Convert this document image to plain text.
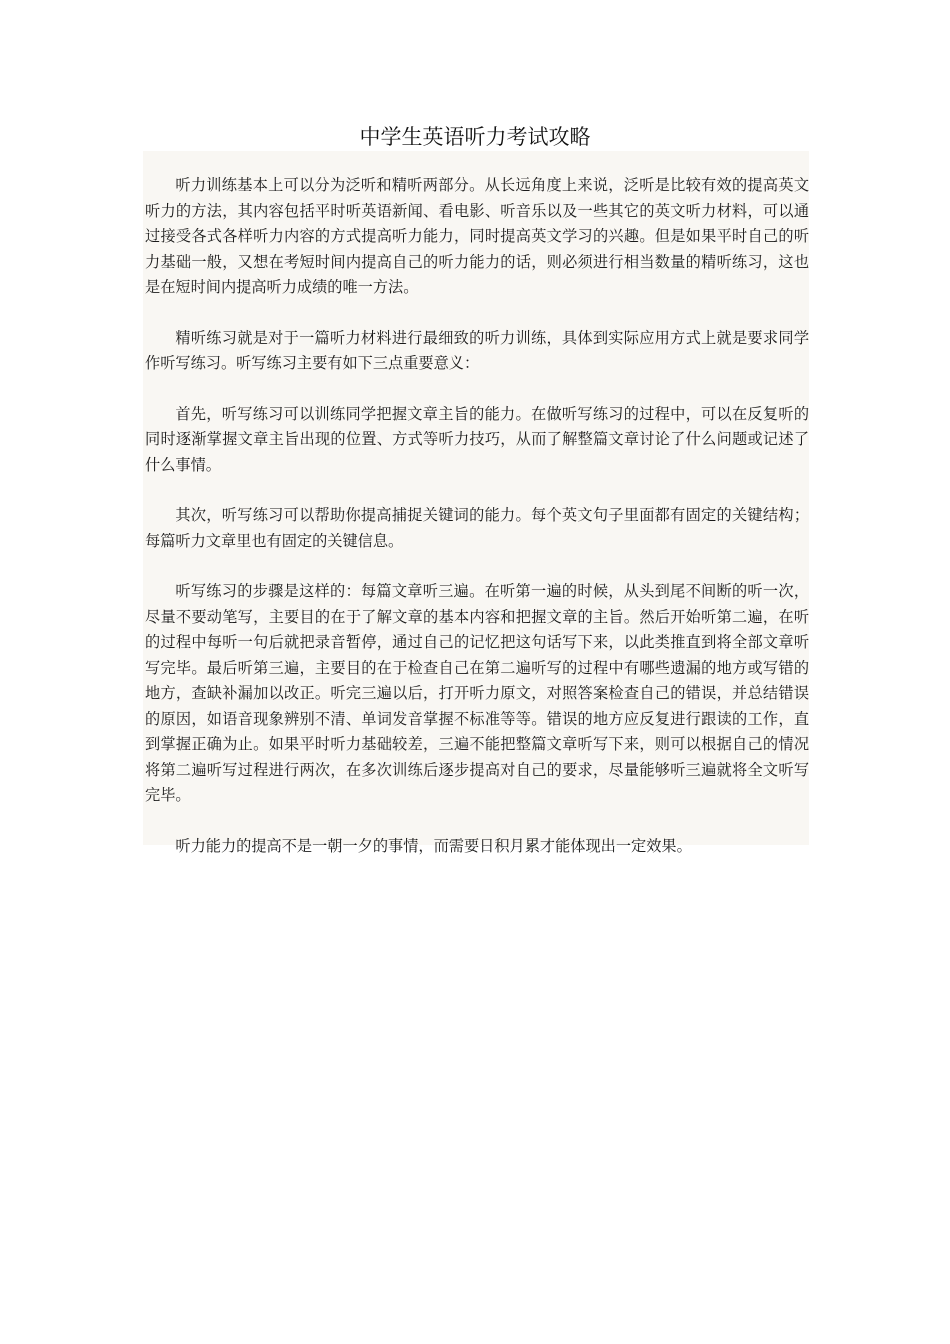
中学生英语听力考试攻略

听力训练基本上可以分为泛听和精听两部分。从长远角度上来说，泛听是比较有效的提高英文听力的方法，其内容包括平时听英语新闻、看电影、听音乐以及一些其它的英文听力材料，可以通过接受各式各样听力内容的方式提高听力能力，同时提高英文学习的兴趣。但是如果平时自己的听力基础一般，又想在考短时间内提高自己的听力能力的话，则必须进行相当数量的精听练习，这也是在短时间内提高听力成绩的唯一方法。

精听练习就是对于一篇听力材料进行最细致的听力训练，具体到实际应用方式上就是要求同学作听写练习。听写练习主要有如下三点重要意义：

首先，听写练习可以训练同学把握文章主旨的能力。在做听写练习的过程中，可以在反复听的同时逐渐掌握文章主旨出现的位置、方式等听力技巧，从而了解整篇文章讨论了什么问题或记述了什么事情。

其次，听写练习可以帮助你提高捕捉关键词的能力。每个英文句子里面都有固定的关键结构；每篇听力文章里也有固定的关键信息。

听写练习的步骤是这样的：每篇文章听三遍。在听第一遍的时候，从头到尾不间断的听一次，尽量不要动笔写，主要目的在于了解文章的基本内容和把握文章的主旨。然后开始听第二遍，在听的过程中每听一句后就把录音暂停，通过自己的记忆把这句话写下来，以此类推直到将全部文章听写完毕。最后听第三遍，主要目的在于检查自己在第二遍听写的过程中有哪些遗漏的地方或写错的地方，查缺补漏加以改正。听完三遍以后，打开听力原文，对照答案检查自己的错误，并总结错误的原因，如语音现象辨别不清、单词发音掌握不标准等等。错误的地方应反复进行跟读的工作，直到掌握正确为止。如果平时听力基础较差，三遍不能把整篇文章听写下来，则可以根据自己的情况将第二遍听写过程进行两次，在多次训练后逐步提高对自己的要求，尽量能够听三遍就将全文听写完毕。

听力能力的提高不是一朝一夕的事情，而需要日积月累才能体现出一定效果。
